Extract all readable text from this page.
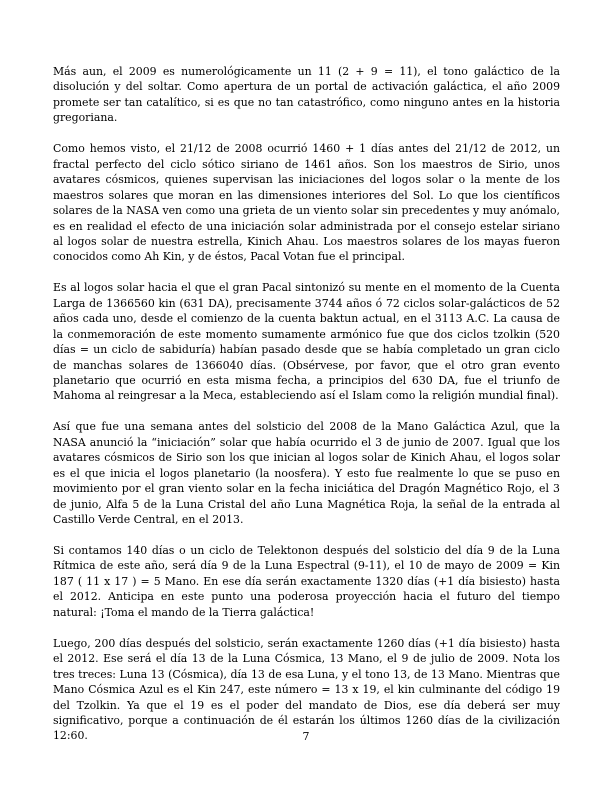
Más aun, el 2009 es numerológicamente un 11 (2 + 9 = 11), el tono galáctico de la disolución y del soltar. Como apertura de un portal de activación galáctica, el año 2009 promete ser tan catalítico, si es que no tan catastrófico, como ninguno antes en la historia gregoriana.

Como hemos visto, el 21/12 de 2008 ocurrió 1460 + 1 días antes del 21/12 de 2012, un fractal perfecto del ciclo sótico siriano de 1461 años. Son los maestros de Sirio, unos avatares cósmicos, quienes supervisan las iniciaciones del logos solar o la mente de los maestros solares que moran en las dimensiones interiores del Sol. Lo que los científicos solares de la NASA ven como una grieta de un viento solar sin precedentes y muy anómalo, es en realidad el efecto de una iniciación solar administrada por el consejo estelar siriano al logos solar de nuestra estrella, Kinich Ahau. Los maestros solares de los mayas fueron conocidos como Ah Kin, y de éstos, Pacal Votan fue el principal.

Es al logos solar hacia el que el gran Pacal sintonizó su mente en el momento de la Cuenta Larga de 1366560 kin (631 DA), precisamente 3744 años ó 72 ciclos solar-galácticos de 52 años cada uno, desde el comienzo de la cuenta baktun actual, en el 3113 A.C. La causa de la conmemoración de este momento sumamente armónico fue que dos ciclos tzolkin (520 días = un ciclo de sabiduría) habían pasado desde que se había completado un gran ciclo de manchas solares de 1366040 días. (Obsérvese, por favor, que el otro gran evento planetario que ocurrió en esta misma fecha, a principios del 630 DA, fue el triunfo de Mahoma al reingresar a la Meca, estableciendo así el Islam como la religión mundial final).

Así que fue una semana antes del solsticio del 2008 de la Mano Galáctica Azul, que la NASA anunció la “iniciación” solar que había ocurrido el 3 de junio de 2007. Igual que los avatares cósmicos de Sirio son los que inician al logos solar de Kinich Ahau, el logos solar es el que inicia el logos planetario (la noosfera). Y esto fue realmente lo que se puso en movimiento por el gran viento solar en la fecha iniciática del Dragón Magnético Rojo, el 3 de junio, Alfa 5 de la Luna Cristal del año Luna Magnética Roja, la señal de la entrada al Castillo Verde Central, en el 2013.

Si contamos 140 días o un ciclo de Telektonon después del solsticio del día 9 de la Luna Rítmica de este año, será día 9 de la Luna Espectral (9-11), el 10 de mayo de 2009 = Kin 187 ( 11 x 17 ) = 5 Mano. En ese día serán exactamente 1320 días (+1 día bisiesto) hasta el 2012. Anticipa en este punto una poderosa proyección hacia el futuro del tiempo natural: ¡Toma el mando de la Tierra galáctica!

Luego, 200 días después del solsticio, serán exactamente 1260 días (+1 día bisiesto) hasta el 2012. Ese será el día 13 de la Luna Cósmica, 13 Mano, el 9 de julio de 2009. Nota los tres treces: Luna 13 (Cósmica), día 13 de esa Luna, y el tono 13, de 13 Mano. Mientras que Mano Cósmica Azul es el Kin 247, este número = 13 x 19, el kin culminante del código 19 del Tzolkin. Ya que el 19 es el poder del mandato de Dios, ese día deberá ser muy significativo, porque a continuación de él estarán los últimos 1260 días de la civilización 12:60.	7
